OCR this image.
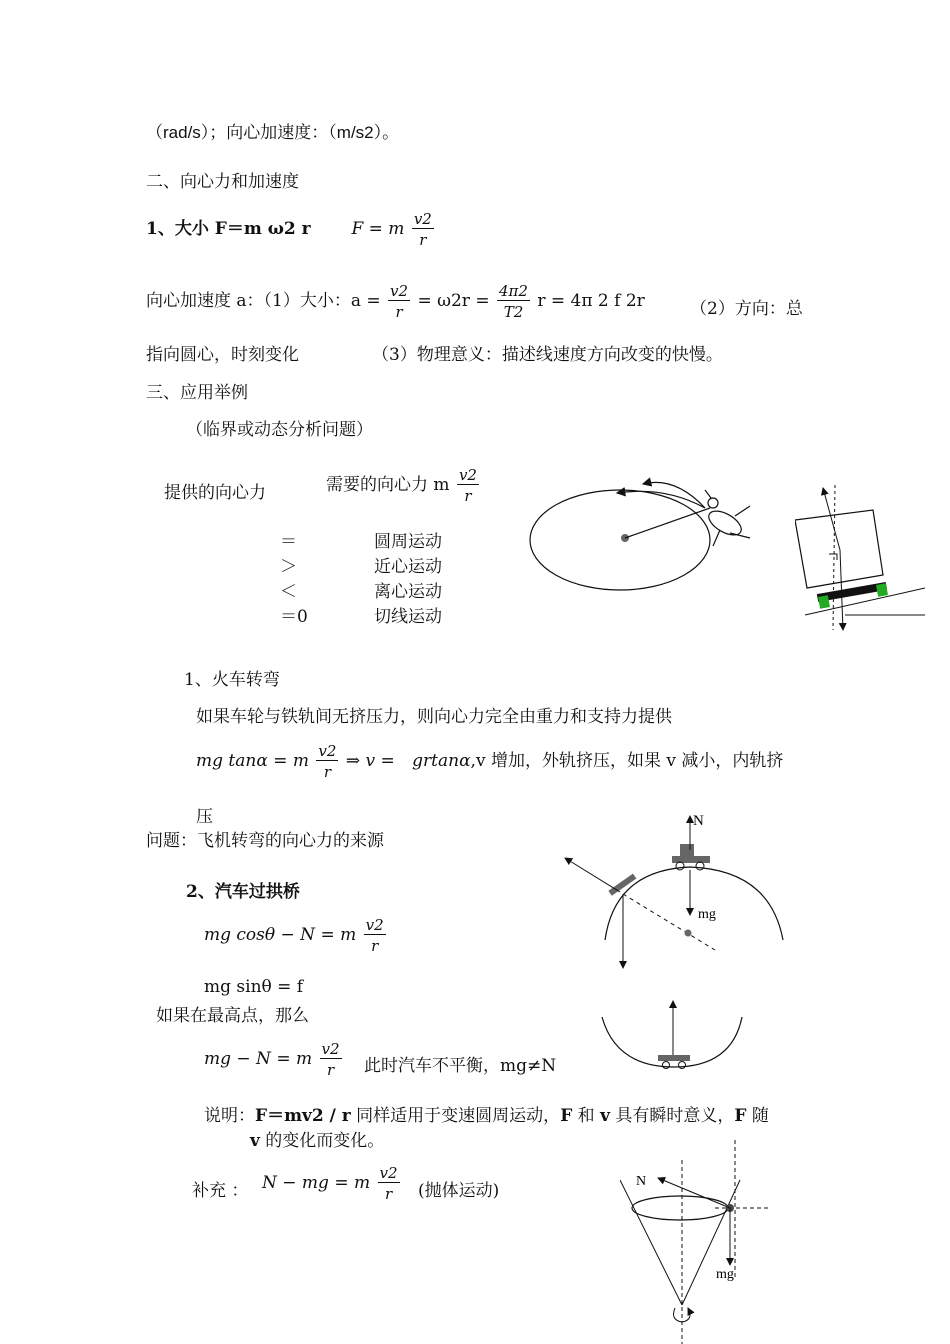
（rad/s）；向心加速度：（m/s2）。
二、向心力和加速度
1、大小 F＝m ω2 r F = m $\frac{v2}{r}$
向心加速度 a：（1）大小：$a = \frac{v2}{r} = \omega 2r = \frac{4\pi 2}{T2}$ r = 4π 2 f 2r	（2）方向：总
指向圆心，时刻变化	（3）物理意义：描述线速度方向改变的快慢。
三、应用举例
（临界或动态分析问题）
提供的向心力	需要的向心力 m $\frac{v2}{r}$
＝	圆周运动
＞	近心运动
＜	离心运动
＝0	切线运动
1、火车转弯
如果车轮与铁轨间无挤压力，则向心力完全由重力和支持力提供
mg tanα = m $\frac{v2}{r}$ ⇒ v = grtanα,v 增加，外轨挤压，如果 v 减小，内轨挤
压
问题：飞机转弯的向心力的来源
2、汽车过拱桥
mg cosθ − N = m $\frac{v2}{r}$
mg sinθ = f
如果在最高点，那么
mg − N = m $\frac{v2}{r}$ 此时汽车不平衡，mg≠N
说明：F＝mv2 / r 同样适用于变速圆周运动，F 和 v 具有瞬时意义，F 随
v 的变化而变化。
补充 ： N − mg = m $\frac{v2}{r}$ (抛体运动)
N
mg
N
mg
